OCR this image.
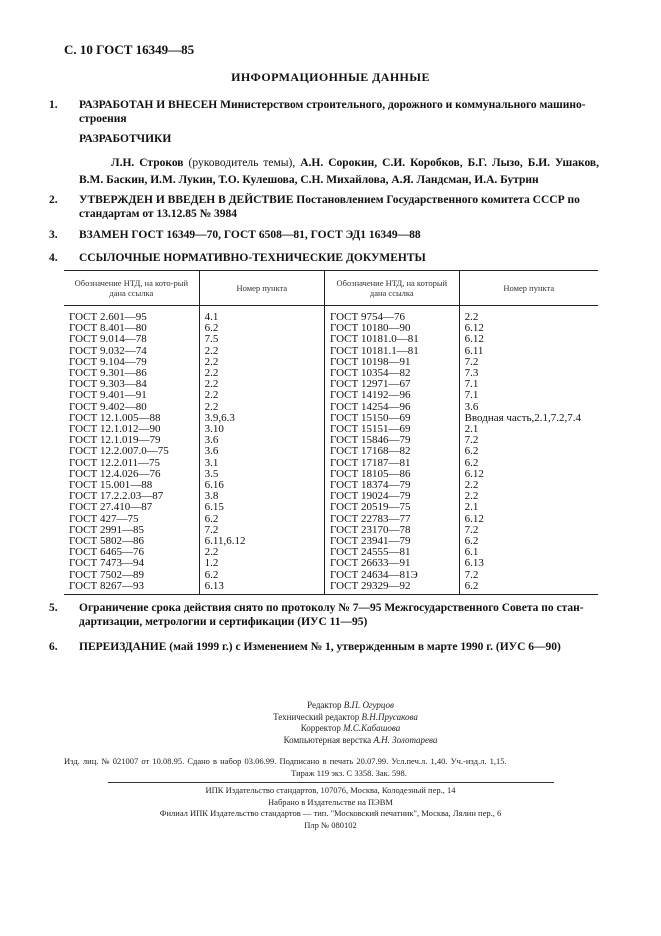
С. 10 ГОСТ 16349—85
ИНФОРМАЦИОННЫЕ ДАННЫЕ
1. РАЗРАБОТАН И ВНЕСЕН Министерством строительного, дорожного и коммунального машино-строения
РАЗРАБОТЧИКИ
Л.Н. Строков (руководитель темы), А.Н. Сорокин, С.И. Коробков, Б.Г. Лызо, Б.И. Ушаков, В.М. Баскин, И.М. Лукин, Т.О. Кулешова, С.Н. Михайлова, А.Я. Ландсман, И.А. Бутрин
2. УТВЕРЖДЕН И ВВЕДЕН В ДЕЙСТВИЕ Постановлением Государственного комитета СССР по стандартам от 13.12.85 № 3984
3. ВЗАМЕН ГОСТ 16349—70, ГОСТ 6508—81, ГОСТ ЭД1 16349—88
4. ССЫЛОЧНЫЕ НОРМАТИВНО-ТЕХНИЧЕСКИЕ ДОКУМЕНТЫ
Обозначение НТД, на кото-рый дана ссылка	Номер пункта	Обозначение НТД, на который дана ссылка	Номер пункта
ГОСТ 2.601—95	4.1	ГОСТ 9754—76	2.2
ГОСТ 8.401—80	6.2	ГОСТ 10180—90	6.12
ГОСТ 9.014—78	7.5	ГОСТ 10181.0—81	6.12
ГОСТ 9.032—74	2.2	ГОСТ 10181.1—81	6.11
ГОСТ 9.104—79	2.2	ГОСТ 10198—91	7.2
ГОСТ 9.301—86	2.2	ГОСТ 10354—82	7.3
ГОСТ 9.303—84	2.2	ГОСТ 12971—67	7.1
ГОСТ 9.401—91	2.2	ГОСТ 14192—96	7.1
ГОСТ 9.402—80	2.2	ГОСТ 14254—96	3.6
ГОСТ 12.1.005—88	3.9,6.3	ГОСТ 15150—69	Вводная часть,2.1,7.2,7.4
ГОСТ 12.1.012—90	3.10	ГОСТ 15151—69	2.1
ГОСТ 12.1.019—79	3.6	ГОСТ 15846—79	7.2
ГОСТ 12.2.007.0—75	3.6	ГОСТ 17168—82	6.2
ГОСТ 12.2.011—75	3.1	ГОСТ 17187—81	6.2
ГОСТ 12.4.026—76	3.5	ГОСТ 18105—86	6.12
ГОСТ 15.001—88	6.16	ГОСТ 18374—79	2.2
ГОСТ 17.2.2.03—87	3.8	ГОСТ 19024—79	2.2
ГОСТ 27.410—87	6.15	ГОСТ 20519—75	2.1
ГОСТ 427—75	6.2	ГОСТ 22783—77	6.12
ГОСТ 2991—85	7.2	ГОСТ 23170—78	7.2
ГОСТ 5802—86	6.11,6.12	ГОСТ 23941—79	6.2
ГОСТ 6465—76	2.2	ГОСТ 24555—81	6.1
ГОСТ 7473—94	1.2	ГОСТ 26633—91	6.13
ГОСТ 7502—89	6.2	ГОСТ 24634—81Э	7.2
ГОСТ 8267—93	6.13	ГОСТ 29329—92	6.2
5. Ограничение срока действия снято по протоколу № 7—95 Межгосударственного Совета по стан-дартизации, метрологии и сертификации (ИУС 11—95)
6. ПЕРЕИЗДАНИЕ (май 1999 г.) с Изменением № 1, утвержденным в марте 1990 г. (ИУС 6—90)
Редактор В.П. Огурцов
Технический редактор В.Н.Прусакова
Корректор М.С.Кабашова
Компьютерная верстка А.Н. Золотарева
Изд. лиц. № 021007 от 10.08.95. Сдано в набор 03.06.99. Подписано в печать 20.07.99. Усл.печ.л. 1,40. Уч.-изд.л. 1,15.
Тираж 119 экз. С 3358. Зак. 598.
ИПК Издательство стандартов, 107076, Москва, Колодезный пер., 14
Набрано в Издательстве на ПЭВМ
Филиал ИПК Издательство стандартов — тип. "Московский печатник", Москва, Лялин пер., 6
Плр № 080102
